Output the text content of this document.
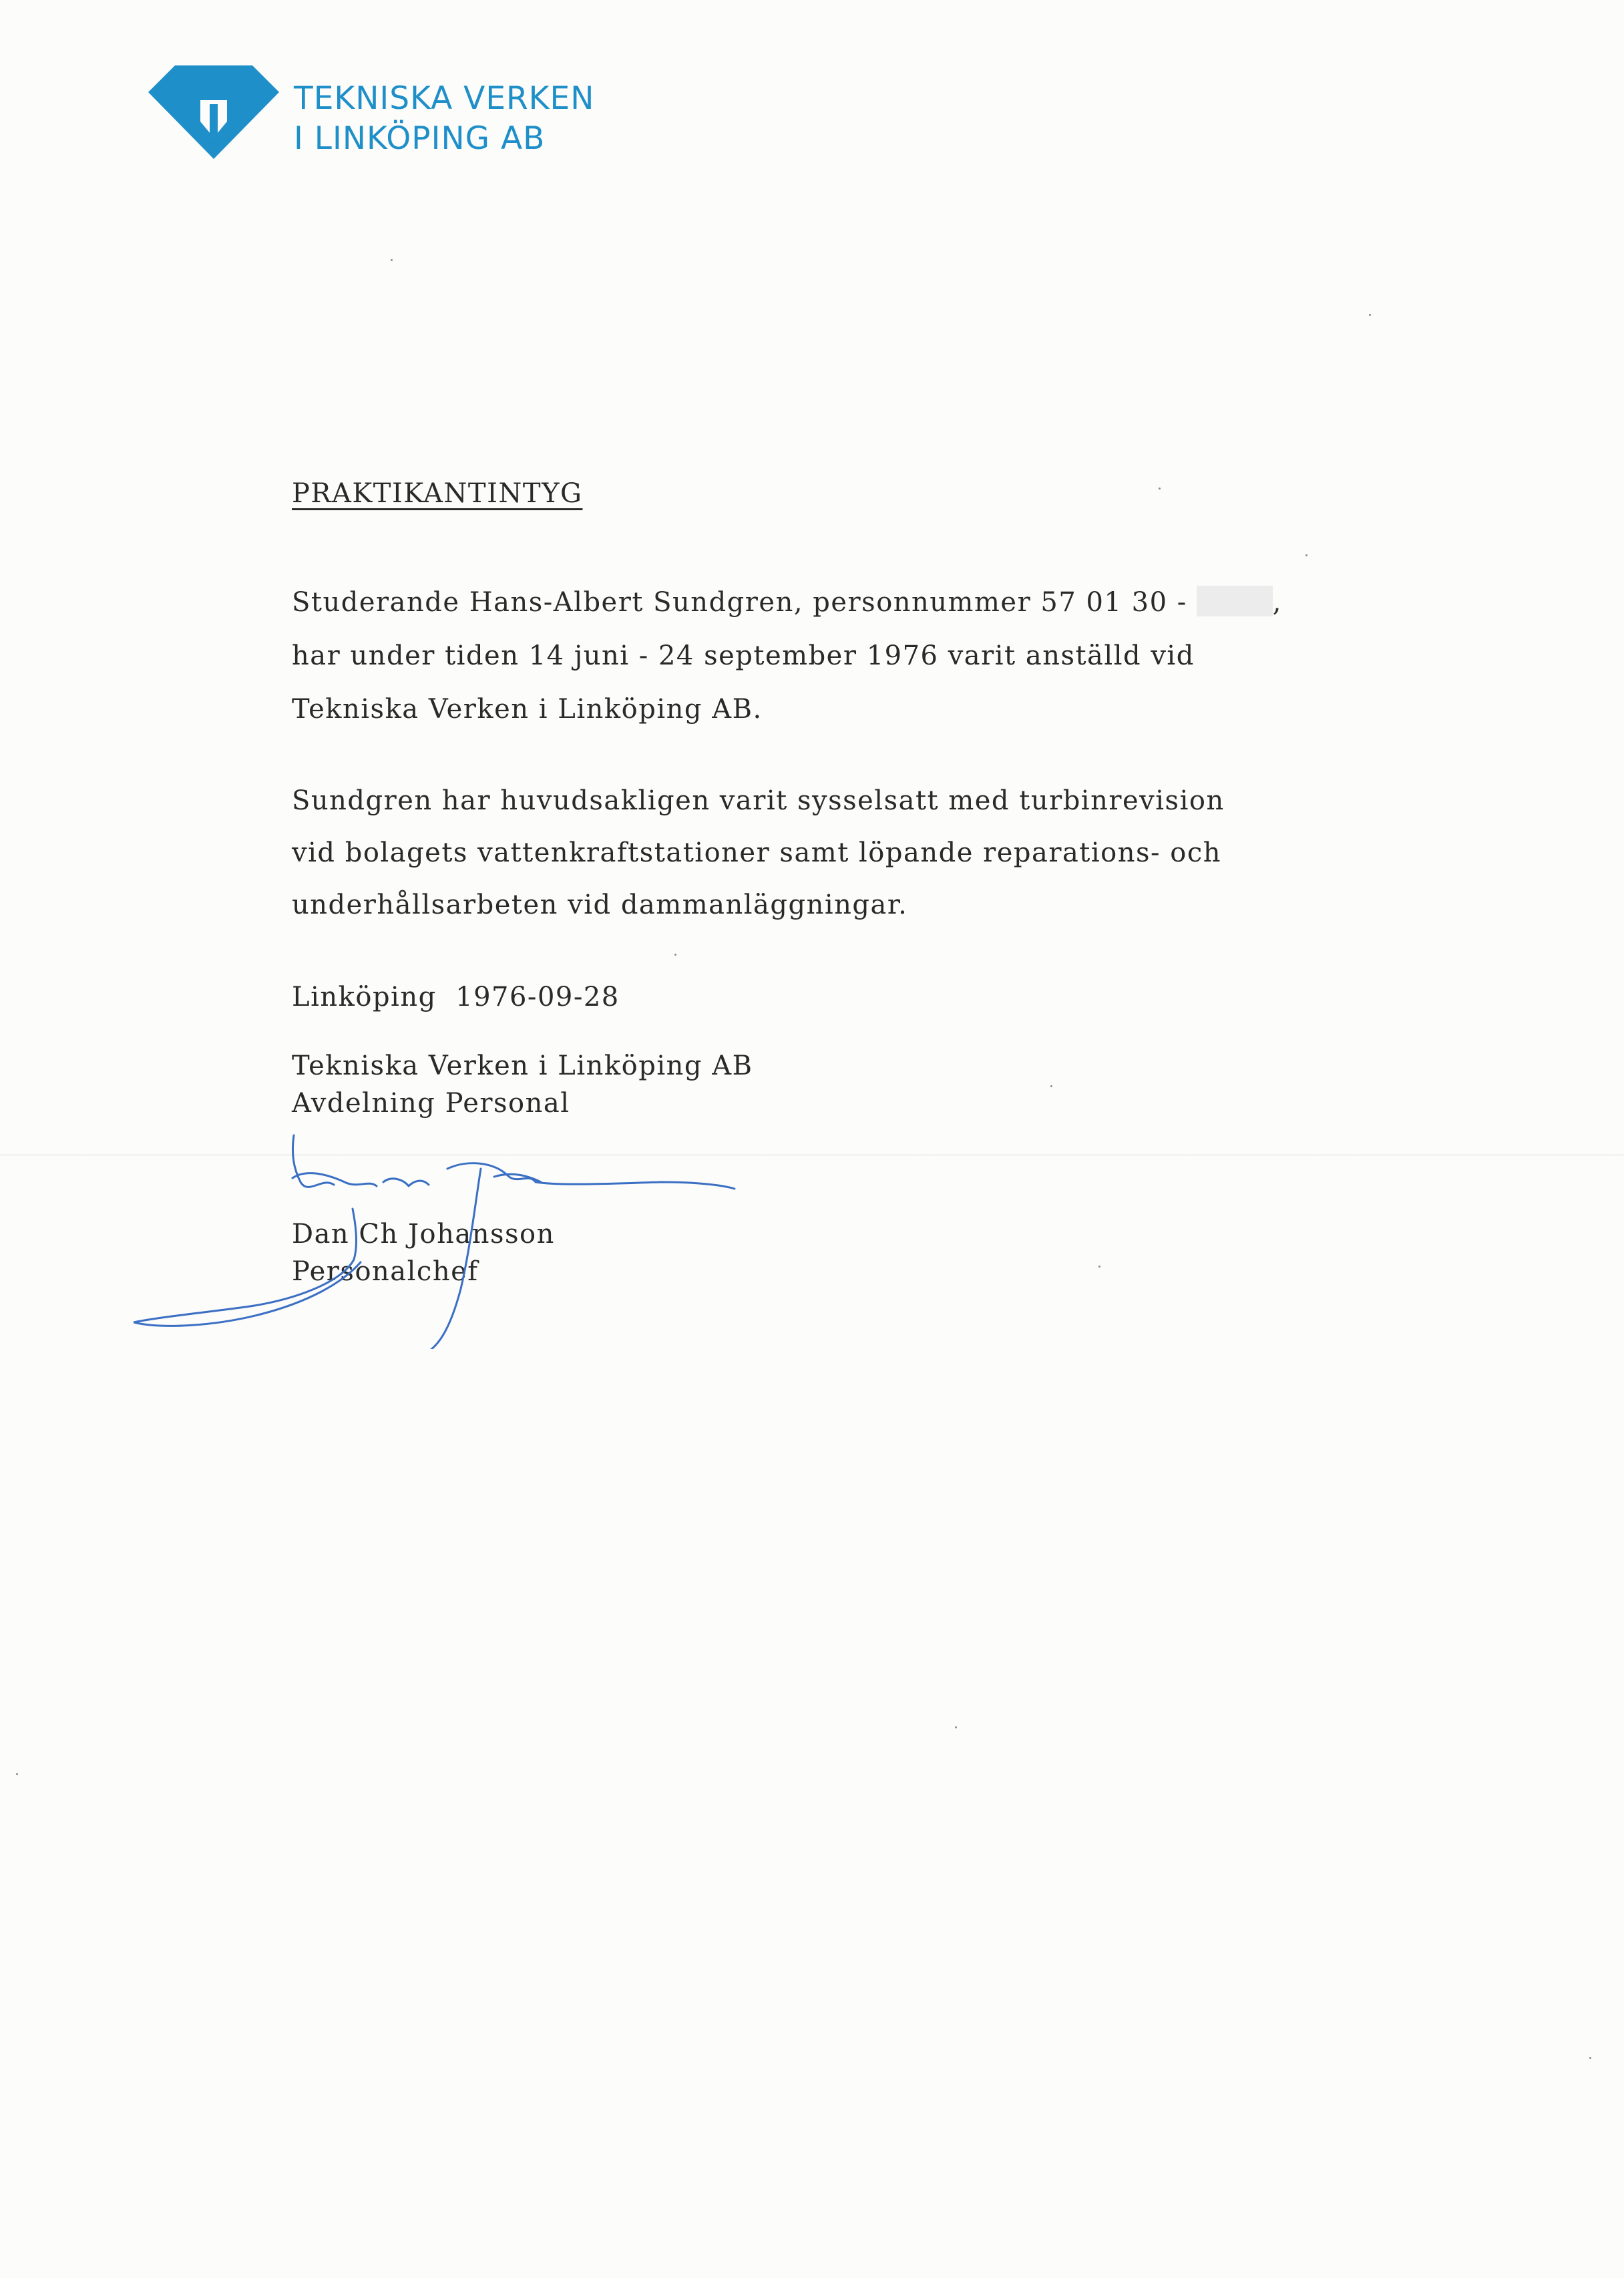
TEKNISKA VERKEN
I LINKÖPING AB
PRAKTIKANTINTYG
Studerande Hans-Albert Sundgren, personnummer 57 01 30 -	,
har under tiden 14 juni - 24 september 1976 varit anställd vid
Tekniska Verken i Linköping AB.
Sundgren har huvudsakligen varit sysselsatt med turbinrevision
vid bolagets vattenkraftstationer samt löpande reparations- och
underhållsarbeten vid dammanläggningar.
Linköping  1976-09-28
Tekniska Verken i Linköping AB
Avdelning Personal
Dan Ch Johansson
Personalchef
